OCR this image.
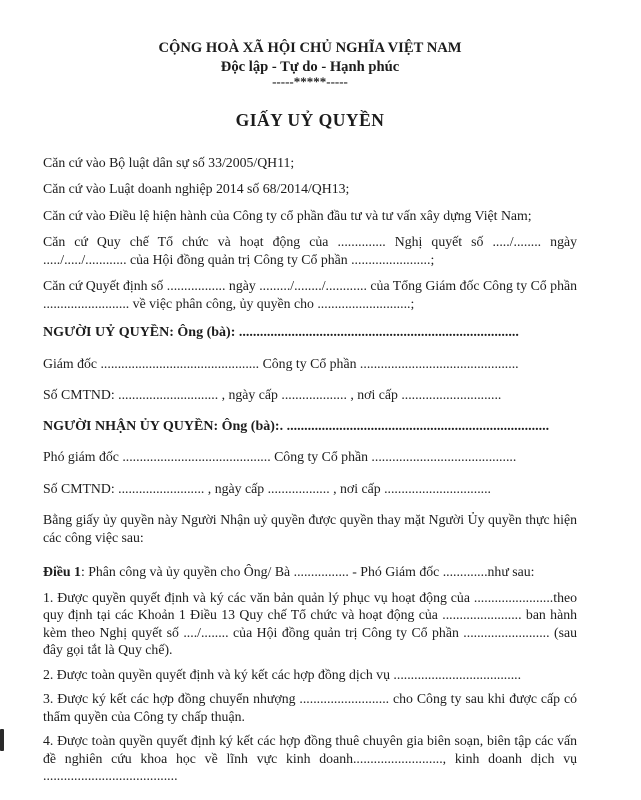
CỘNG HOÀ XÃ HỘI CHỦ NGHĨA VIỆT NAM

Độc lập - Tự do - Hạnh phúc

-----*****-----

GIẤY UỶ QUYỀN

Căn cứ vào Bộ luật dân sự số 33/2005/QH11;

Căn cứ vào Luật doanh nghiệp 2014 số 68/2014/QH13;

Căn cứ vào Điều lệ hiện hành của Công ty cổ phần đầu tư và tư vấn xây dựng Việt Nam;

Căn cứ Quy chế Tổ chức và hoạt động của .............. Nghị quyết số ...../........ ngày ...../...../............ của Hội đồng quản trị Công ty Cổ phần .......................;

Căn cứ Quyết định số ................. ngày ........./......../............ của Tổng Giám đốc Công ty Cổ phần ......................... về việc phân công, ủy quyền cho ...........................;

NGƯỜI UỶ QUYỀN: Ông (bà): ................................................................................

Giám đốc .............................................. Công ty Cổ phần ..............................................

Số CMTND: ............................. , ngày cấp ................... , nơi cấp .............................

NGƯỜI NHẬN ỦY QUYỀN: Ông (bà):. ...........................................................................

Phó giám đốc ........................................... Công ty Cổ phần ..........................................

Số CMTND: ......................... , ngày cấp .................. , nơi cấp ...............................

Bằng giấy ủy quyền này Người Nhận uỷ quyền được quyền thay mặt Người Ủy quyền thực hiện các công việc sau:

Điều 1: Phân công và ủy quyền cho Ông/ Bà ................ - Phó Giám đốc .............như sau:

1. Được quyền quyết định và ký các văn bản quản lý phục vụ hoạt động của .......................theo quy định tại các Khoản 1 Điều 13 Quy chế Tổ chức và hoạt động của ....................... ban hành kèm theo Nghị quyết số ..../........ của Hội đồng quản trị Công ty Cổ phần ......................... (sau đây gọi tắt là Quy chế).

2. Được toàn quyền quyết định và ký kết các hợp đồng dịch vụ .....................................

3. Được ký kết các hợp đồng chuyển nhượng .......................... cho Công ty sau khi được cấp có thẩm quyền của Công ty chấp thuận.

4. Được toàn quyền quyết định ký kết các hợp đồng thuê chuyên gia biên soạn, biên tập các vấn đề nghiên cứu khoa học về lĩnh vực kinh doanh.........................., kinh doanh dịch vụ .......................................
